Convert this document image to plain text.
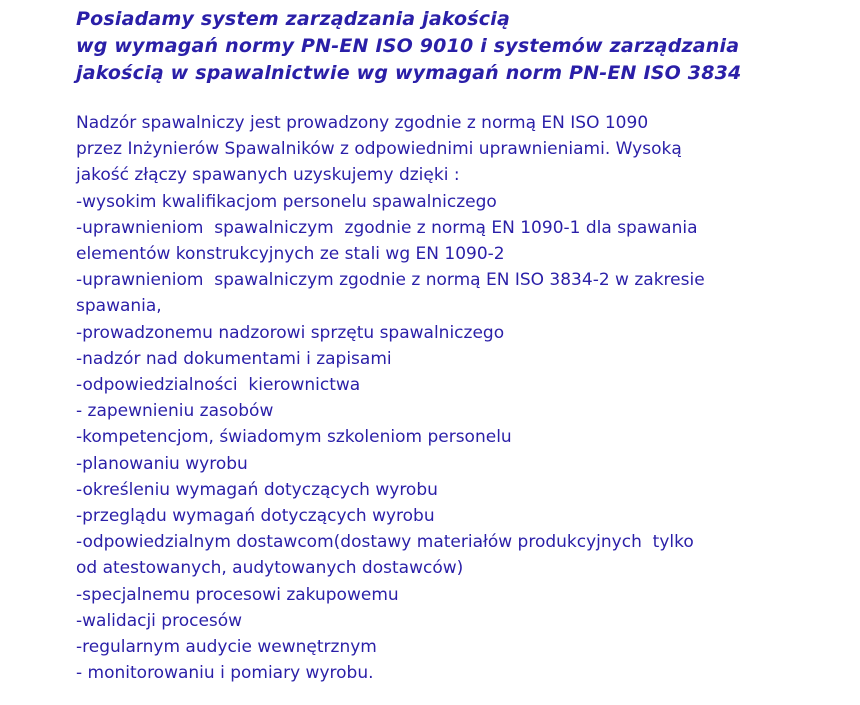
Posiadamy system zarządzania jakością
wg wymagań normy PN-EN ISO 9010 i systemów zarządzania
jakością w spawalnictwie wg wymagań norm PN-EN ISO 3834
Nadzór spawalniczy jest prowadzony zgodnie z normą EN ISO 1090
przez Inżynierów Spawalników z odpowiednimi uprawnieniami. Wysoką
jakość złączy spawanych uzyskujemy dzięki :
-wysokim kwalifikacjom personelu spawalniczego
-uprawnieniom  spawalniczym  zgodnie z normą EN 1090-1 dla spawania
elementów konstrukcyjnych ze stali wg EN 1090-2
-uprawnieniom  spawalniczym zgodnie z normą EN ISO 3834-2 w zakresie
spawania,
-prowadzonemu nadzorowi sprzętu spawalniczego
-nadzór nad dokumentami i zapisami
-odpowiedzialności  kierownictwa
- zapewnieniu zasobów
-kompetencjom, świadomym szkoleniom personelu
-planowaniu wyrobu
-określeniu wymagań dotyczących wyrobu
-przeglądu wymagań dotyczących wyrobu
-odpowiedzialnym dostawcom(dostawy materiałów produkcyjnych  tylko
od atestowanych, audytowanych dostawców)
-specjalnemu procesowi zakupowemu
-walidacji procesów
-regularnym audycie wewnętrznym
- monitorowaniu i pomiary wyrobu.
